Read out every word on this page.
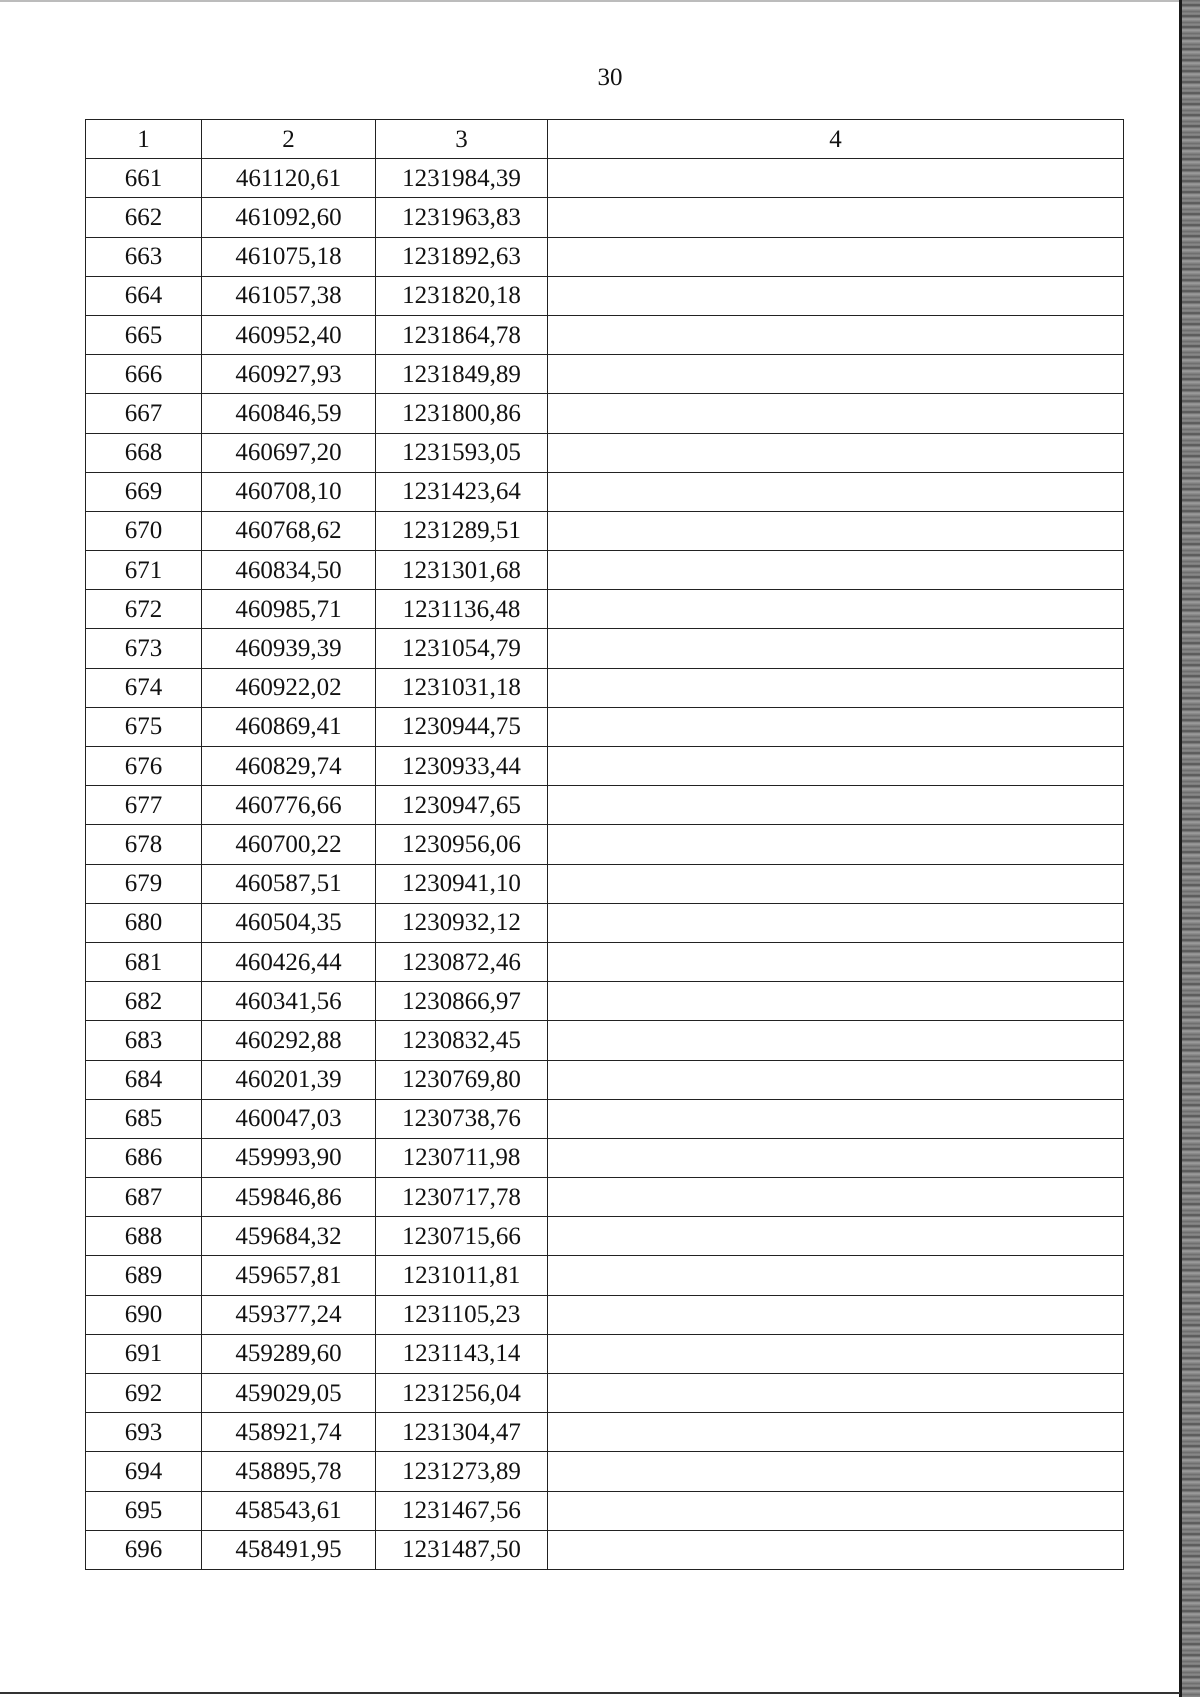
30
1	2	3	4
661	461120,61	1231984,39	
662	461092,60	1231963,83	
663	461075,18	1231892,63	
664	461057,38	1231820,18	
665	460952,40	1231864,78	
666	460927,93	1231849,89	
667	460846,59	1231800,86	
668	460697,20	1231593,05	
669	460708,10	1231423,64	
670	460768,62	1231289,51	
671	460834,50	1231301,68	
672	460985,71	1231136,48	
673	460939,39	1231054,79	
674	460922,02	1231031,18	
675	460869,41	1230944,75	
676	460829,74	1230933,44	
677	460776,66	1230947,65	
678	460700,22	1230956,06	
679	460587,51	1230941,10	
680	460504,35	1230932,12	
681	460426,44	1230872,46	
682	460341,56	1230866,97	
683	460292,88	1230832,45	
684	460201,39	1230769,80	
685	460047,03	1230738,76	
686	459993,90	1230711,98	
687	459846,86	1230717,78	
688	459684,32	1230715,66	
689	459657,81	1231011,81	
690	459377,24	1231105,23	
691	459289,60	1231143,14	
692	459029,05	1231256,04	
693	458921,74	1231304,47	
694	458895,78	1231273,89	
695	458543,61	1231467,56	
696	458491,95	1231487,50	
